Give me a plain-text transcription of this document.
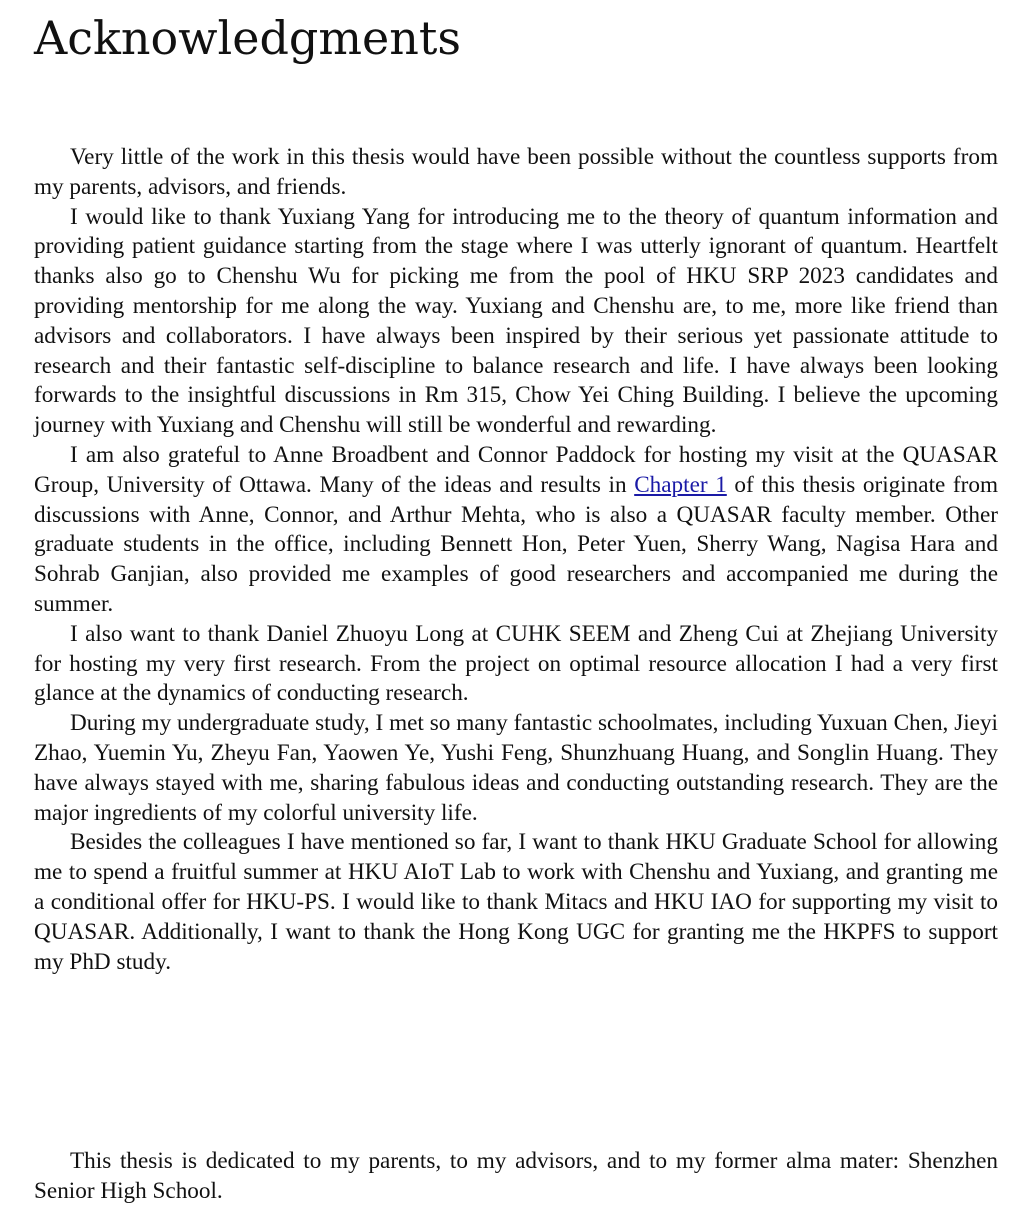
Acknowledgments

Very little of the work in this thesis would have been possible without the countless supports from my parents, advisors, and friends.

I would like to thank Yuxiang Yang for introducing me to the theory of quantum information and providing patient guidance starting from the stage where I was utterly ignorant of quantum. Heartfelt thanks also go to Chenshu Wu for picking me from the pool of HKU SRP 2023 candidates and providing mentorship for me along the way. Yuxiang and Chenshu are, to me, more like friend than advisors and collaborators. I have always been inspired by their serious yet passionate attitude to research and their fantastic self-discipline to balance research and life. I have always been looking forwards to the insightful discussions in Rm 315, Chow Yei Ching Building. I believe the upcoming journey with Yuxiang and Chenshu will still be wonderful and rewarding.

I am also grateful to Anne Broadbent and Connor Paddock for hosting my visit at the QUASAR Group, University of Ottawa. Many of the ideas and results in Chapter 1 of this thesis originate from discussions with Anne, Connor, and Arthur Mehta, who is also a QUASAR faculty member. Other graduate students in the office, including Bennett Hon, Peter Yuen, Sherry Wang, Nagisa Hara and Sohrab Ganjian, also provided me examples of good researchers and accompanied me during the summer.

I also want to thank Daniel Zhuoyu Long at CUHK SEEM and Zheng Cui at Zhejiang University for hosting my very first research. From the project on optimal resource allocation I had a very first glance at the dynamics of conducting research.

During my undergraduate study, I met so many fantastic schoolmates, including Yuxuan Chen, Jieyi Zhao, Yuemin Yu, Zheyu Fan, Yaowen Ye, Yushi Feng, Shunzhuang Huang, and Songlin Huang. They have always stayed with me, sharing fabulous ideas and conducting outstanding research. They are the major ingredients of my colorful university life.

Besides the colleagues I have mentioned so far, I want to thank HKU Graduate School for allowing me to spend a fruitful summer at HKU AIoT Lab to work with Chenshu and Yuxiang, and granting me a conditional offer for HKU-PS. I would like to thank Mitacs and HKU IAO for supporting my visit to QUASAR. Additionally, I want to thank the Hong Kong UGC for granting me the HKPFS to support my PhD study.

This thesis is dedicated to my parents, to my advisors, and to my former alma mater: Shenzhen Senior High School.
